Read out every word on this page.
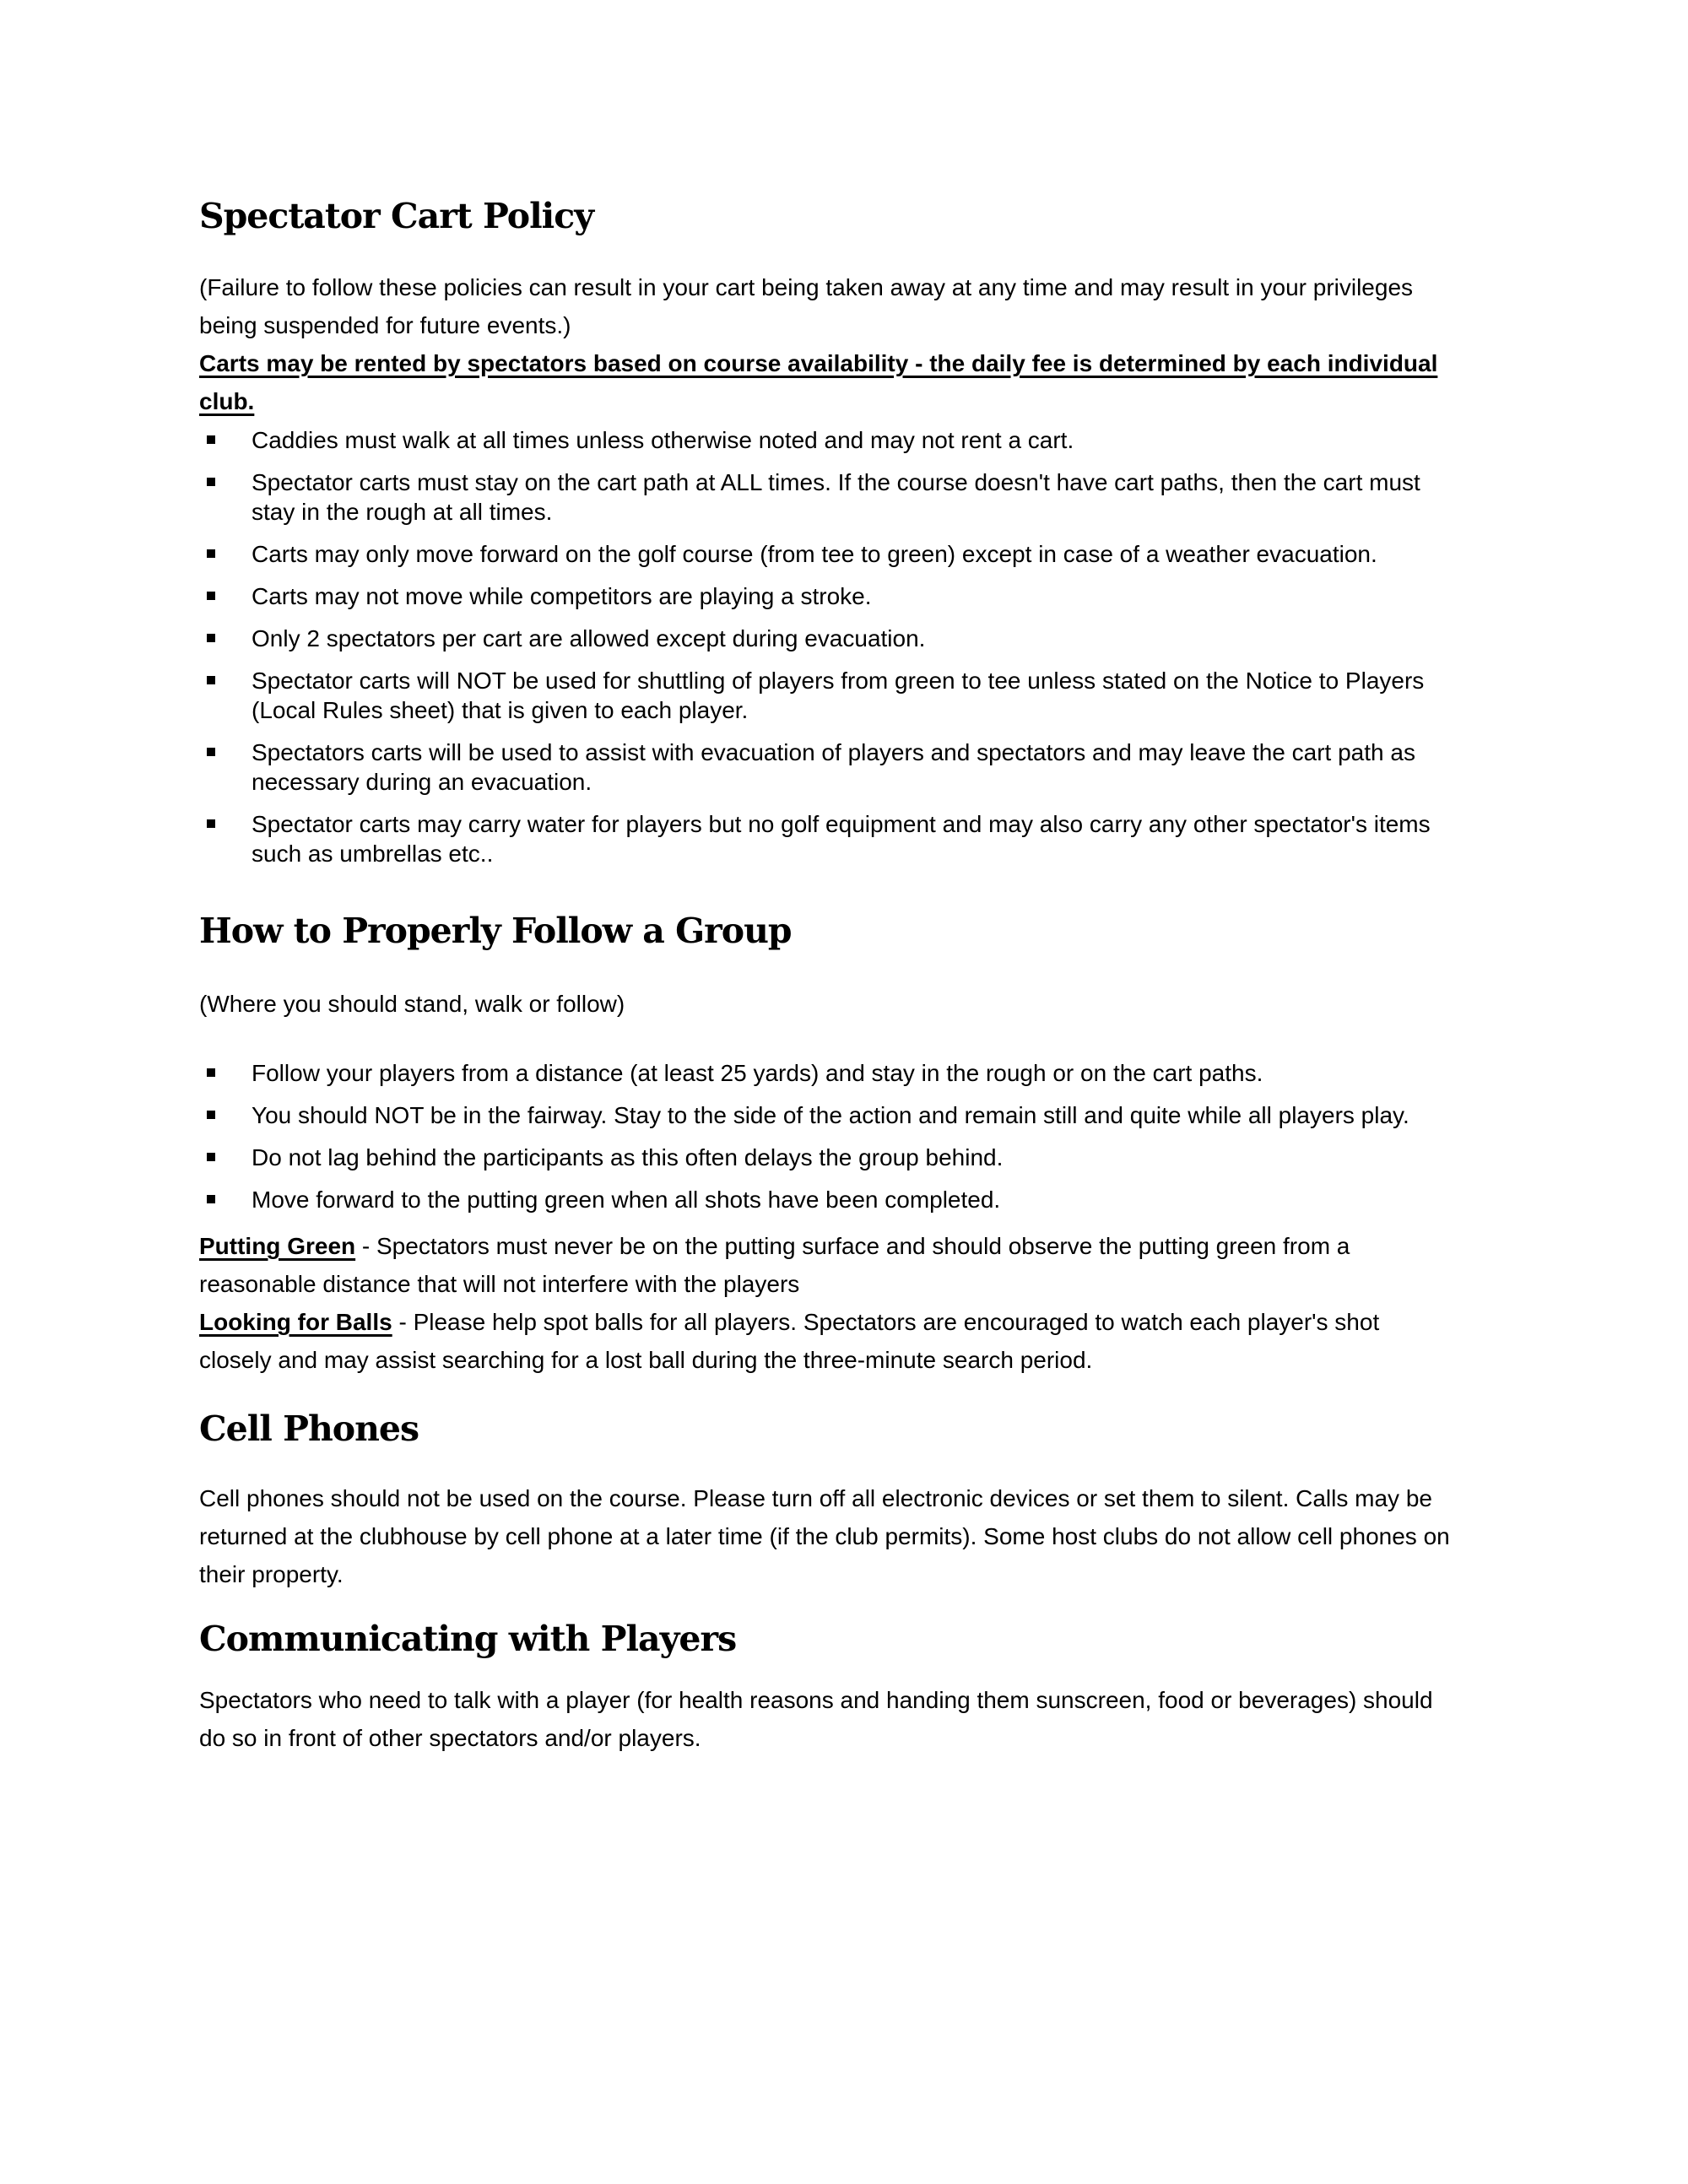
Spectator Cart Policy

(Failure to follow these policies can result in your cart being taken away at any time and may result in your privileges being suspended for future events.)

Carts may be rented by spectators based on course availability - the daily fee is determined by each individual club.

Caddies must walk at all times unless otherwise noted and may not rent a cart.
Spectator carts must stay on the cart path at ALL times. If the course doesn't have cart paths, then the cart must stay in the rough at all times.
Carts may only move forward on the golf course (from tee to green) except in case of a weather evacuation.
Carts may not move while competitors are playing a stroke.
Only 2 spectators per cart are allowed except during evacuation.
Spectator carts will NOT be used for shuttling of players from green to tee unless stated on the Notice to Players (Local Rules sheet) that is given to each player.
Spectators carts will be used to assist with evacuation of players and spectators and may leave the cart path as necessary during an evacuation.
Spectator carts may carry water for players but no golf equipment and may also carry any other spectator's items such as umbrellas etc..
How to Properly Follow a Group

(Where you should stand, walk or follow)

Follow your players from a distance (at least 25 yards) and stay in the rough or on the cart paths.
You should NOT be in the fairway. Stay to the side of the action and remain still and quite while all players play.
Do not lag behind the participants as this often delays the group behind.
Move forward to the putting green when all shots have been completed.

Putting Green - Spectators must never be on the putting surface and should observe the putting green from a reasonable distance that will not interfere with the players

Looking for Balls - Please help spot balls for all players. Spectators are encouraged to watch each player's shot closely and may assist searching for a lost ball during the three-minute search period.

Cell Phones

Cell phones should not be used on the course. Please turn off all electronic devices or set them to silent. Calls may be returned at the clubhouse by cell phone at a later time (if the club permits). Some host clubs do not allow cell phones on their property.

Communicating with Players

Spectators who need to talk with a player (for health reasons and handing them sunscreen, food or beverages) should do so in front of other spectators and/or players.
